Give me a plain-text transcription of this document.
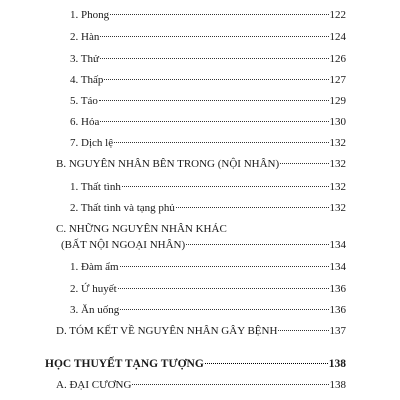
1. Phong	122
2. Hàn	124
3. Thử	126
4. Thấp	127
5. Táo	129
6. Hỏa	130
7. Dịch lệ	132
B. NGUYÊN NHÂN BÊN TRONG (NỘI NHÂN)	132
1. Thất tình	132
2. Thất tình và tạng phủ	132
C. NHỮNG NGUYÊN NHÂN KHÁC
(BẤT NỘI NGOẠI NHÂN)	134
1. Đàm ẩm	134
2. Ứ huyết	136
3. Ăn uống	136
D. TÓM KẾT VỀ NGUYÊN NHÂN GÂY BỆNH	137
HỌC THUYẾT TẠNG TƯỢNG	138
A. ĐẠI CƯƠNG	138
